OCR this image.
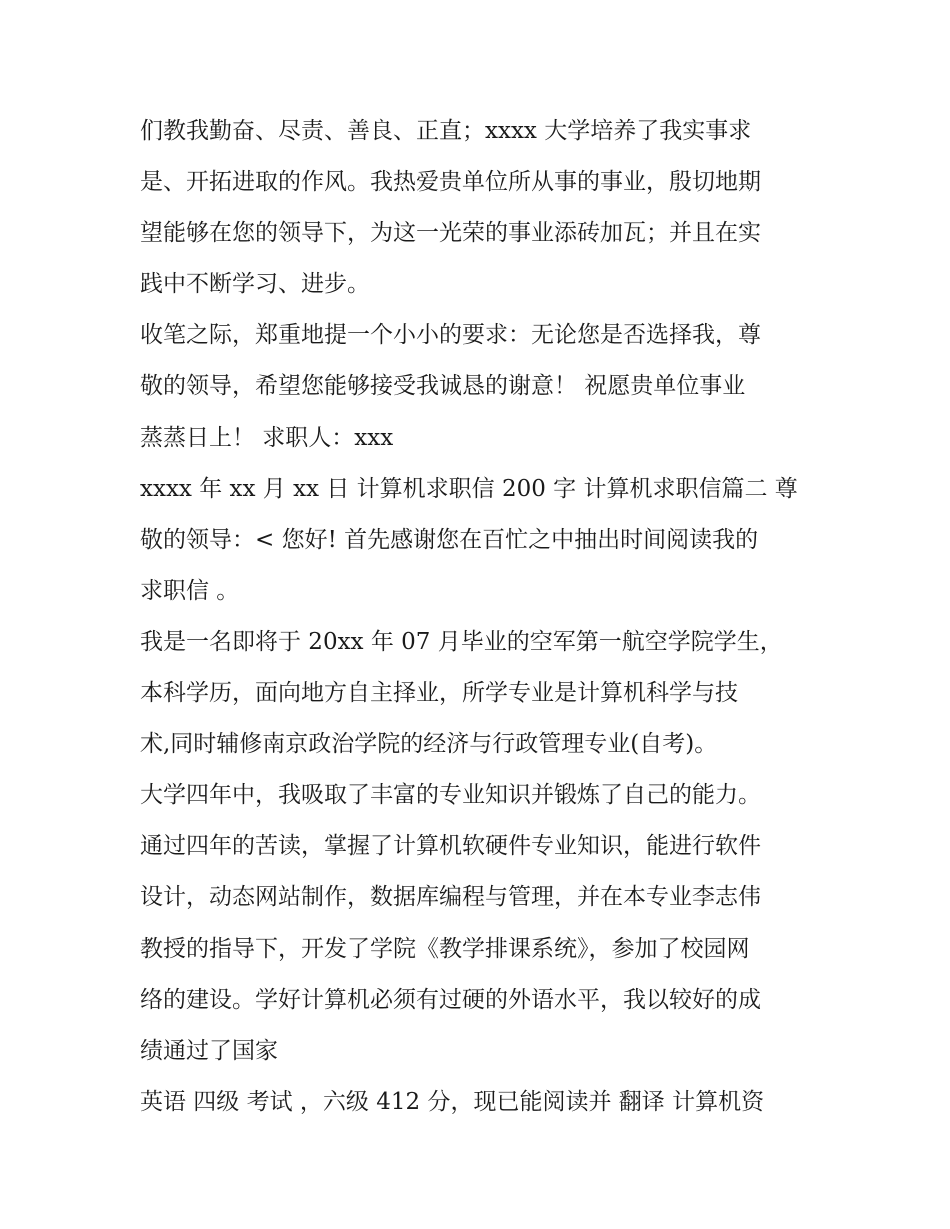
们教我勤奋、尽责、善良、正直；xxxx 大学培养了我实事求
是、开拓进取的作风。我热爱贵单位所从事的事业，殷切地期
望能够在您的领导下，为这一光荣的事业添砖加瓦；并且在实
践中不断学习、进步。
收笔之际，郑重地提一个小小的要求：无论您是否选择我，尊
敬的领导，希望您能够接受我诚恳的谢意！ 祝愿贵单位事业
蒸蒸日上！ 求职人：xxx
xxxx 年 xx 月 xx 日 计算机求职信 200 字 计算机求职信篇二 尊
敬的领导：< 您好! 首先感谢您在百忙之中抽出时间阅读我的
求职信 。
我是一名即将于 20xx 年 07 月毕业的空军第一航空学院学生，
本科学历，面向地方自主择业，所学专业是计算机科学与技
术,同时辅修南京政治学院的经济与行政管理专业(自考)。
大学四年中，我吸取了丰富的专业知识并锻炼了自己的能力。
通过四年的苦读，掌握了计算机软硬件专业知识，能进行软件
设计，动态网站制作，数据库编程与管理，并在本专业李志伟
教授的指导下，开发了学院《教学排课系统》，参加了校园网
络的建设。学好计算机必须有过硬的外语水平，我以较好的成
绩通过了国家
英语 四级 考试 ，六级 412 分，现已能阅读并 翻译 计算机资
